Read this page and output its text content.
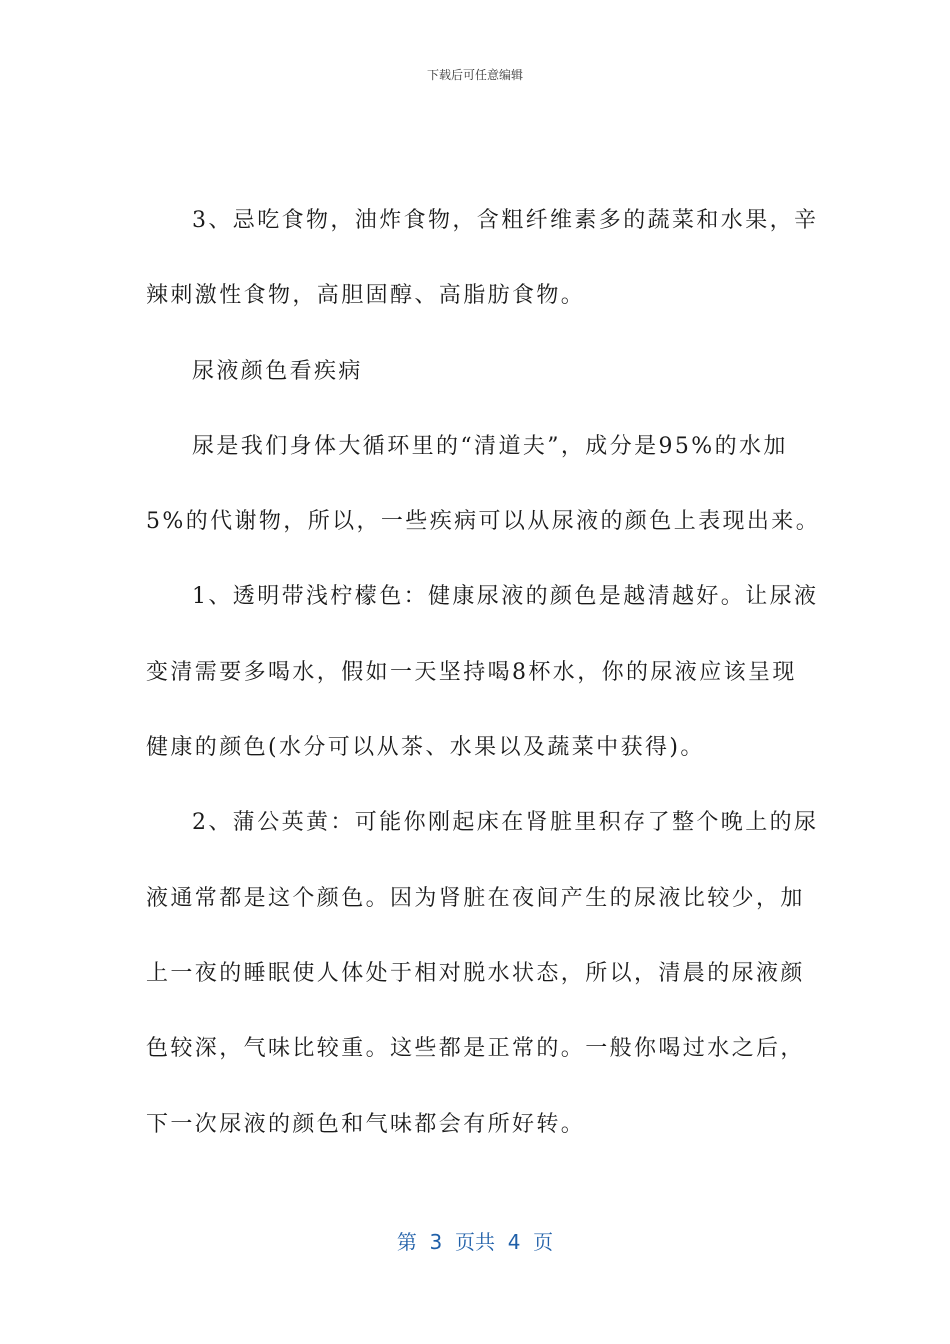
下载后可任意编辑
3、忌吃食物，油炸食物，含粗纤维素多的蔬菜和水果，辛
辣刺激性食物，高胆固醇、高脂肪食物。
尿液颜色看疾病
尿是我们身体大循环里的“清道夫”，成分是95%的水加
5%的代谢物，所以，一些疾病可以从尿液的颜色上表现出来。
1、透明带浅柠檬色：健康尿液的颜色是越清越好。让尿液
变清需要多喝水，假如一天坚持喝8杯水，你的尿液应该呈现
健康的颜色(水分可以从茶、水果以及蔬菜中获得)。
2、蒲公英黄：可能你刚起床在肾脏里积存了整个晚上的尿
液通常都是这个颜色。因为肾脏在夜间产生的尿液比较少，加
上一夜的睡眠使人体处于相对脱水状态，所以，清晨的尿液颜
色较深，气味比较重。这些都是正常的。一般你喝过水之后，
下一次尿液的颜色和气味都会有所好转。
第  3  页共  4  页
